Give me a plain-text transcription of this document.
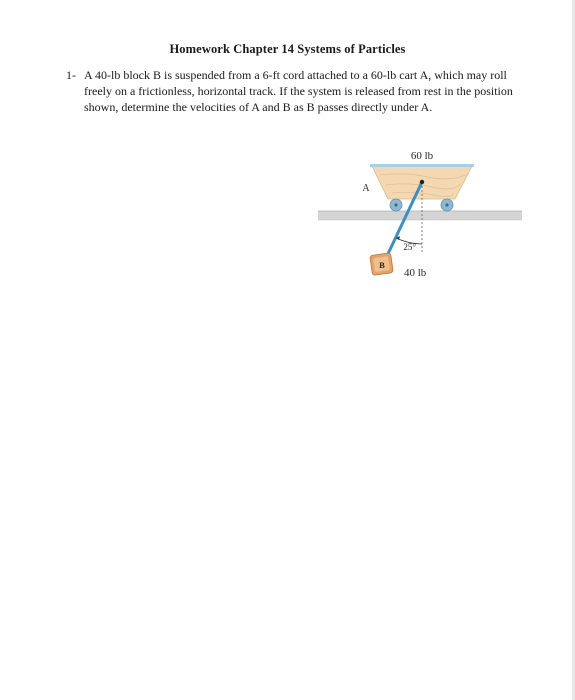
Homework Chapter 14 Systems of Particles
1- A 40-lb block B is suspended from a 6-ft cord attached to a 60-lb cart A, which may roll freely on a frictionless, horizontal track. If the system is released from rest in the position shown, determine the velocities of A and B as B passes directly under A.
60 lb
A
B
25°
40 lb
